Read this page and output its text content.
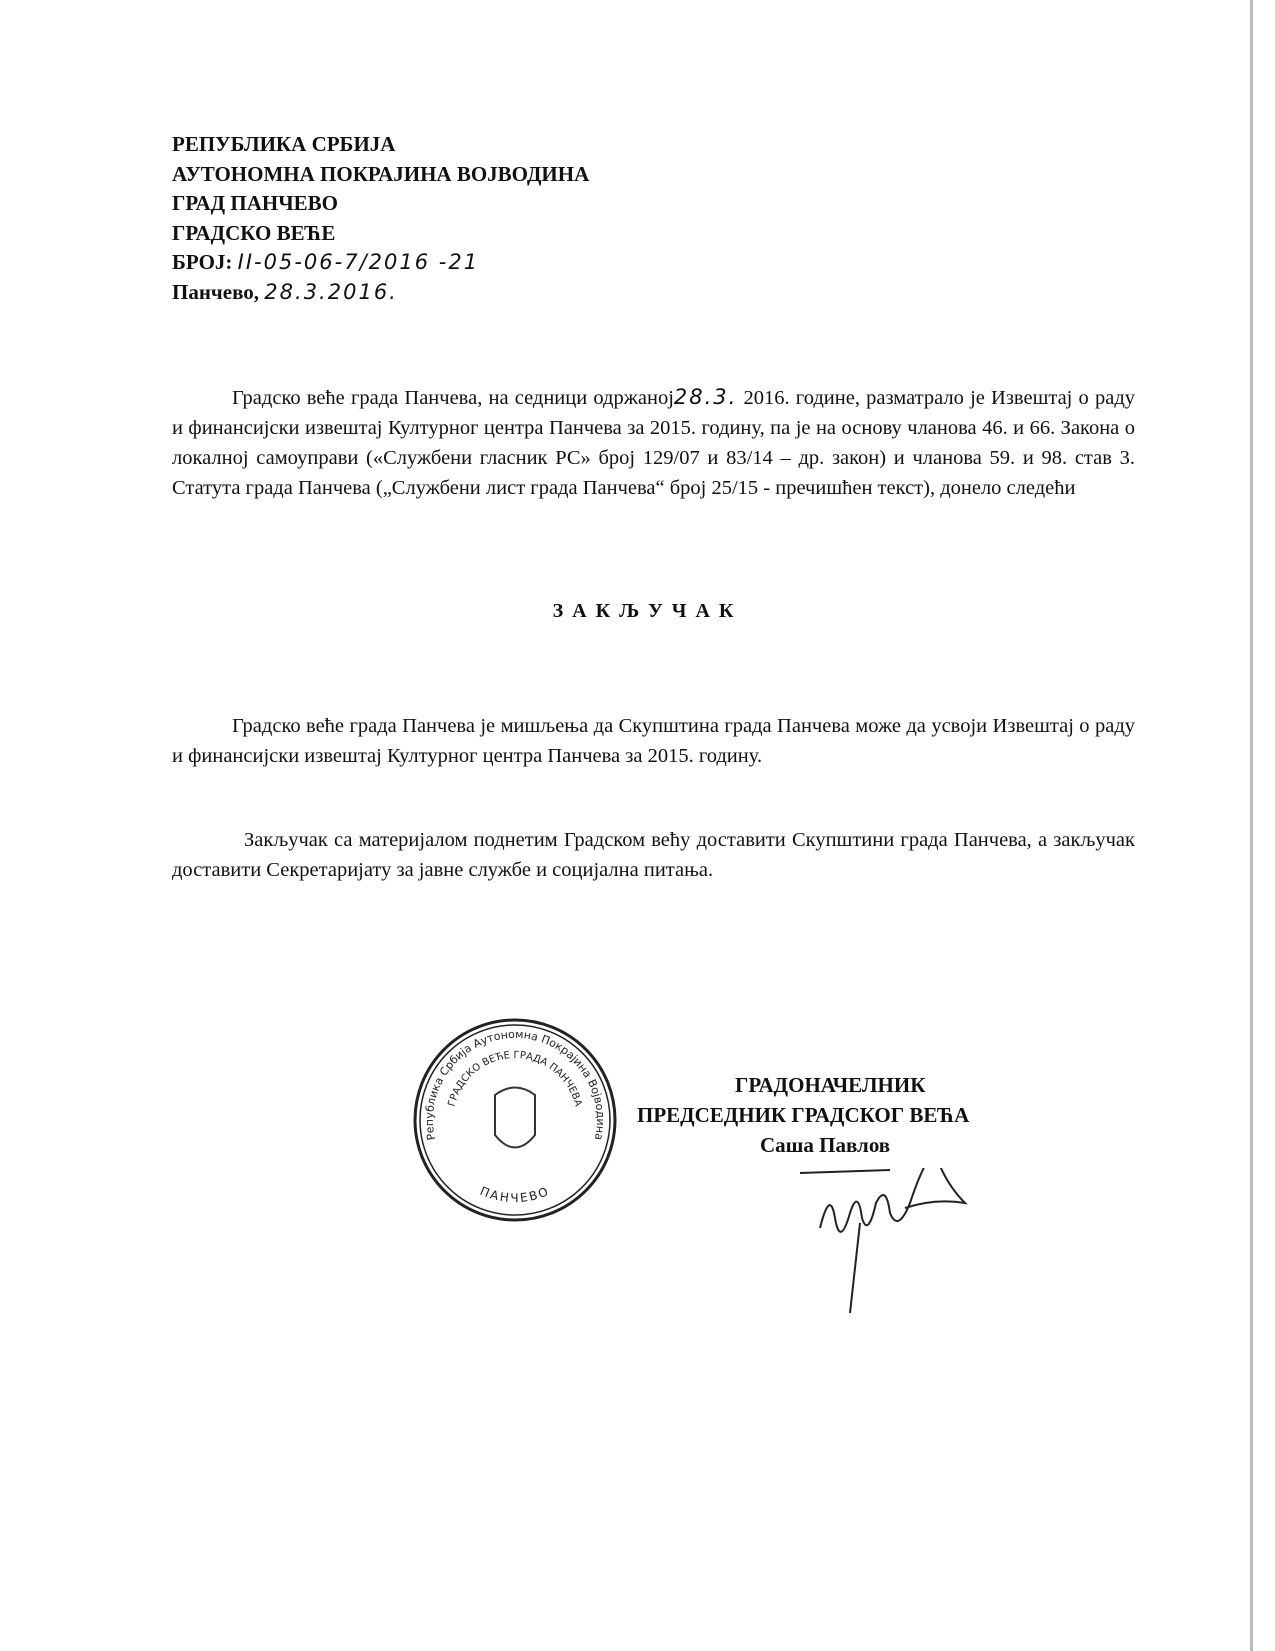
РЕПУБЛИКА СРБИЈА
АУТОНОМНА ПОКРАЈИНА ВОЈВОДИНА
ГРАД ПАНЧЕВО
ГРАДСКО ВЕЋЕ
БРОЈ: II-05-06-7/2016 -21
Панчево, 28.3.2016.
Градско веће града Панчева, на седници одржаној28.3. 2016. године, разматрало је Извештај о раду и финансијски извештај Културног центра Панчева за 2015. годину, па је на основу чланова 46. и 66. Закона о локалној самоуправи («Службени гласник РС» број 129/07 и 83/14 – др. закон) и чланова 59. и 98. став 3. Статута града Панчева („Службени лист града Панчева“ број 25/15 - пречишћен текст), донело следећи
ЗАКЉУЧАК
Градско веће града Панчева је мишљења да Скупштина града Панчева може да усвоји Извештај о раду и финансијски извештај Културног центра Панчева за 2015. годину.
Закључак са материјалом поднетим Градском већу доставити Скупштини града Панчева, а закључак доставити Секретаријату за јавне службе и социјална питања.
Република Србија Аутономна Покрајина Војводина
ГРАДСКО ВЕЋЕ ГРАДА ПАНЧЕВА
ПАНЧЕВО
ГРАДОНАЧЕЛНИК
ПРЕДСЕДНИК ГРАДСКОГ ВЕЋА
Саша Павлов
